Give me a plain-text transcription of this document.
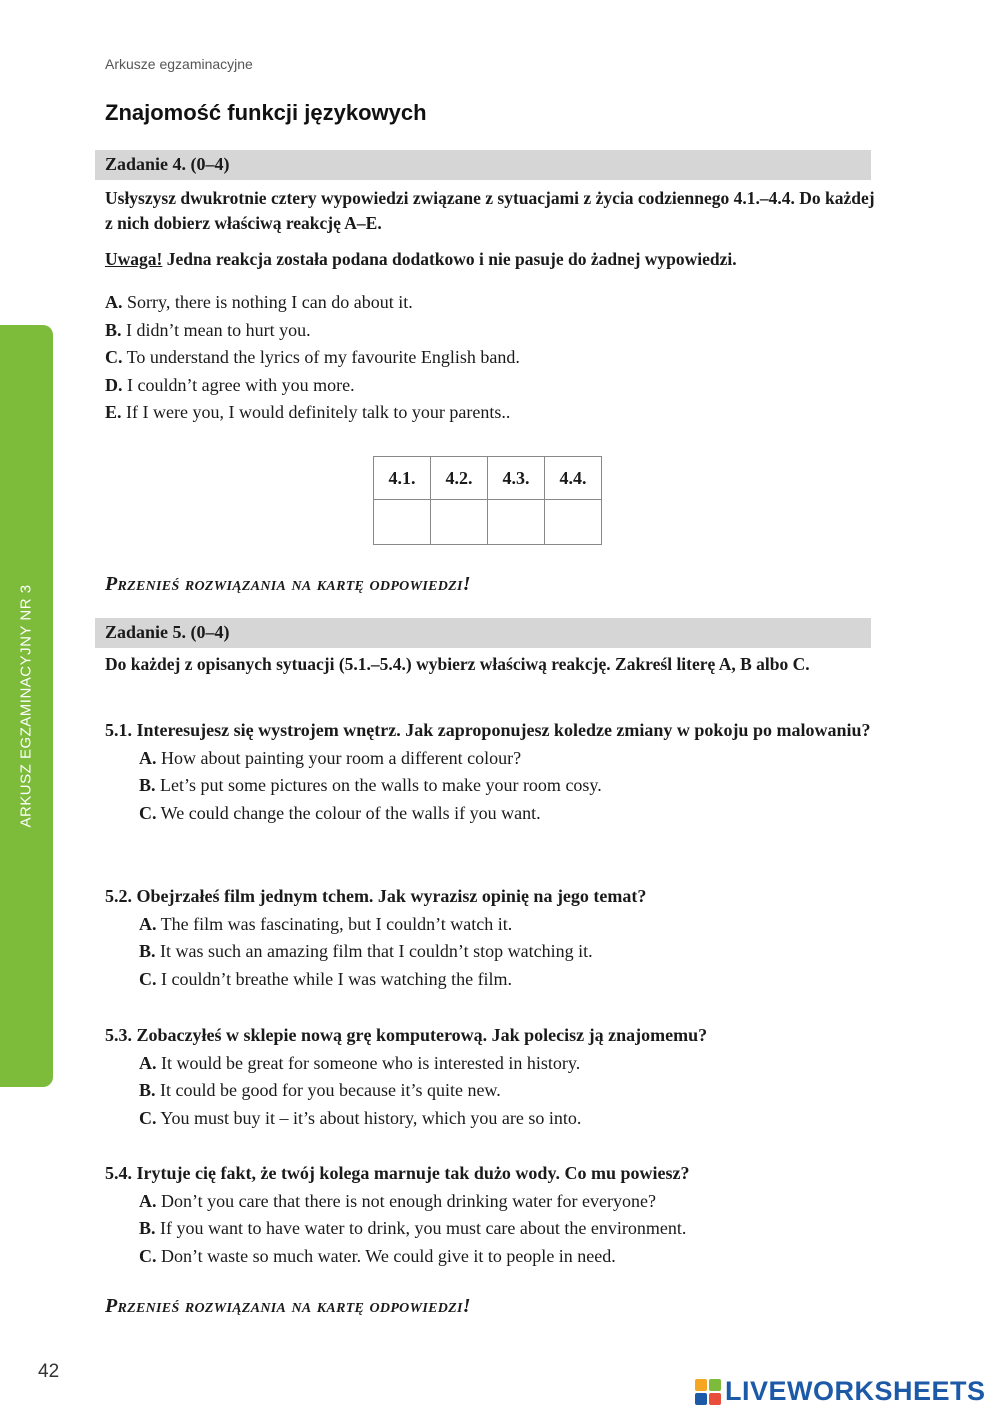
Arkusze egzaminacyjne
Znajomość funkcji językowych
Zadanie 4. (0–4)
Usłyszysz dwukrotnie cztery wypowiedzi związane z sytuacjami z życia codziennego 4.1.–4.4. Do każdej z nich dobierz właściwą reakcję A–E.
Uwaga! Jedna reakcja została podana dodatkowo i nie pasuje do żadnej wypowiedzi.
A. Sorry, there is nothing I can do about it.
B. I didn’t mean to hurt you.
C. To understand the lyrics of my favourite English band.
D. I couldn’t agree with you more.
E. If I were you, I would definitely talk to your parents..
4.1.	4.2.	4.3.	4.4.

Przenieś rozwiązania na kartę odpowiedzi!
Zadanie 5. (0–4)
Do każdej z opisanych sytuacji (5.1.–5.4.) wybierz właściwą reakcję. Zakreśl literę A, B albo C.
5.1. Interesujesz się wystrojem wnętrz. Jak zaproponujesz koledze zmiany w pokoju po malowaniu?
A. How about painting your room a different colour?
B. Let’s put some pictures on the walls to make your room cosy.
C. We could change the colour of the walls if you want.
5.2. Obejrzałeś film jednym tchem. Jak wyrazisz opinię na jego temat?
A. The film was fascinating, but I couldn’t watch it.
B. It was such an amazing film that I couldn’t stop watching it.
C. I couldn’t breathe while I was watching the film.
5.3. Zobaczyłeś w sklepie nową grę komputerową. Jak polecisz ją znajomemu?
A. It would be great for someone who is interested in history.
B. It could be good for you because it’s quite new.
C. You must buy it – it’s about history, which you are so into.
5.4. Irytuje cię fakt, że twój kolega marnuje tak dużo wody. Co mu powiesz?
A. Don’t you care that there is not enough drinking water for everyone?
B. If you want to have water to drink, you must care about the environment.
C. Don’t waste so much water. We could give it to people in need.
Przenieś rozwiązania na kartę odpowiedzi!
ARKUSZ EGZAMINACYJNY NR 3
42
LIVEWORKSHEETS
